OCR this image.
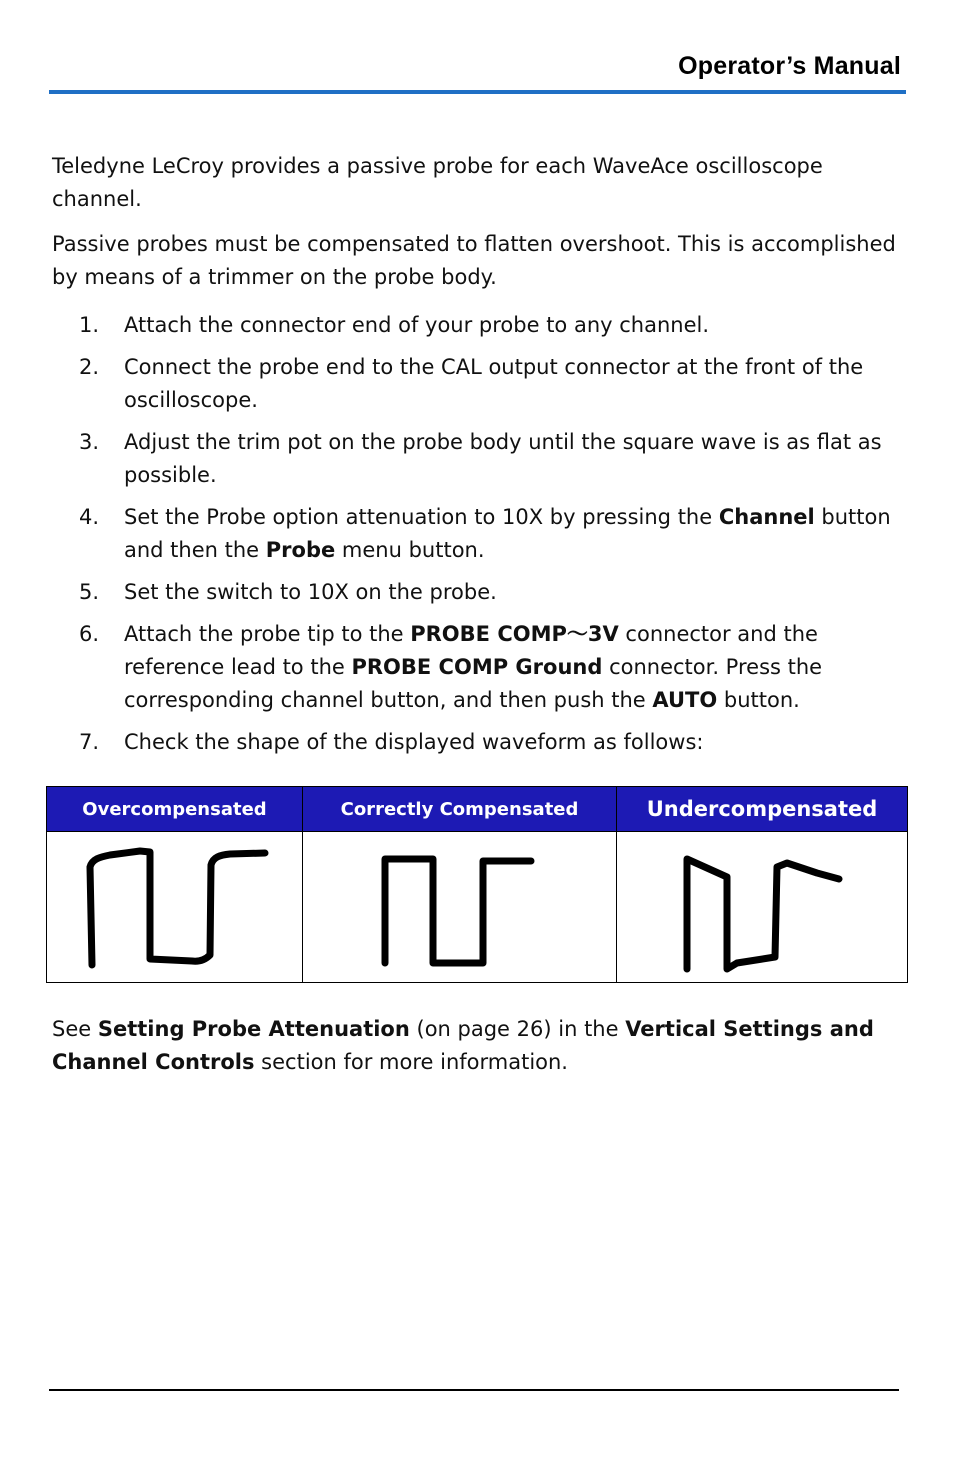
Operator’s Manual
Teledyne LeCroy provides a passive probe for each WaveAce oscilloscope channel.
Passive probes must be compensated to flatten overshoot. This is accomplished by means of a trimmer on the probe body.
1. Attach the connector end of your probe to any channel.
2. Connect the probe end to the CAL output connector at the front of the oscilloscope.
3. Adjust the trim pot on the probe body until the square wave is as flat as possible.
4. Set the Probe option attenuation to 10X by pressing the Channel button and then the Probe menu button.
5. Set the switch to 10X on the probe.
6. Attach the probe tip to the PROBE COMP～3V connector and the reference lead to the PROBE COMP Ground connector. Press the corresponding channel button, and then push the AUTO button.
7. Check the shape of the displayed waveform as follows:
Overcompensated	Correctly Compensated	Undercompensated

See Setting Probe Attenuation (on page 26) in the Vertical Settings and Channel Controls section for more information.
